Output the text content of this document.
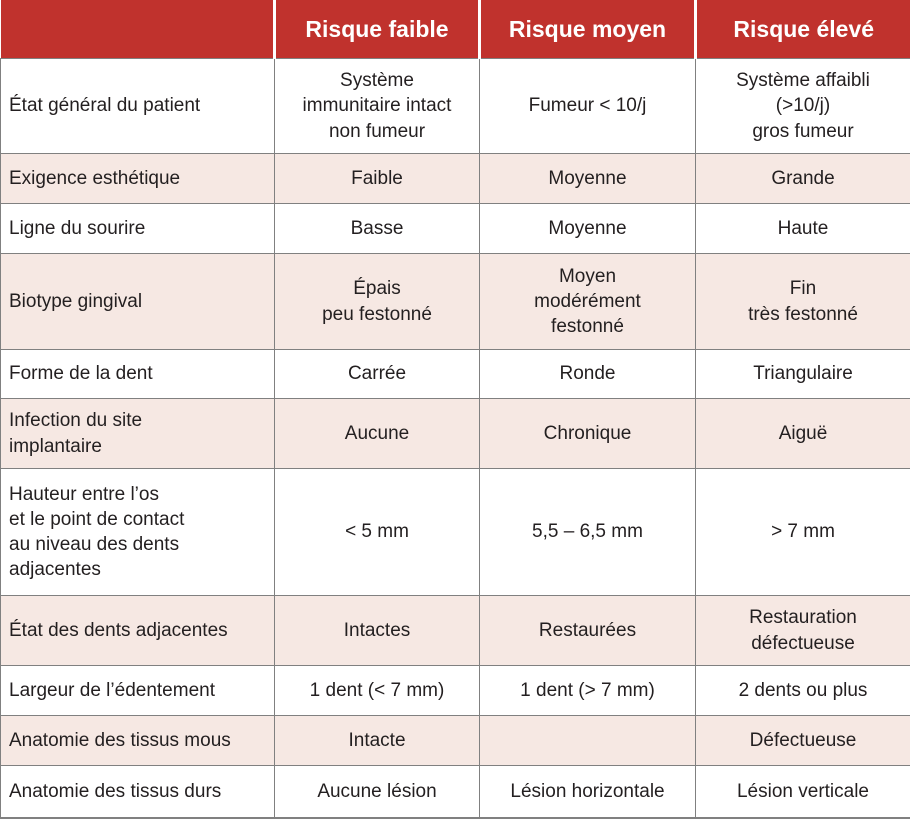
	Risque faible	Risque moyen	Risque élevé
État général du patient	Système
immunitaire intact
non fumeur	Fumeur < 10/j	Système affaibli
(>10/j)
gros fumeur
Exigence esthétique	Faible	Moyenne	Grande
Ligne du sourire	Basse	Moyenne	Haute
Biotype gingival	Épais
peu festonné	Moyen
modérément
festonné	Fin
très festonné
Forme de la dent	Carrée	Ronde	Triangulaire
Infection du site
implantaire	Aucune	Chronique	Aiguë
Hauteur entre l’os
et le point de contact
au niveau des dents
adjacentes	< 5 mm	5,5 – 6,5 mm	> 7 mm
État des dents adjacentes	Intactes	Restaurées	Restauration
défectueuse
Largeur de l’édentement	1 dent (< 7 mm)	1 dent (> 7 mm)	2 dents ou plus
Anatomie des tissus mous	Intacte		Défectueuse
Anatomie des tissus durs	Aucune lésion	Lésion horizontale	Lésion verticale
